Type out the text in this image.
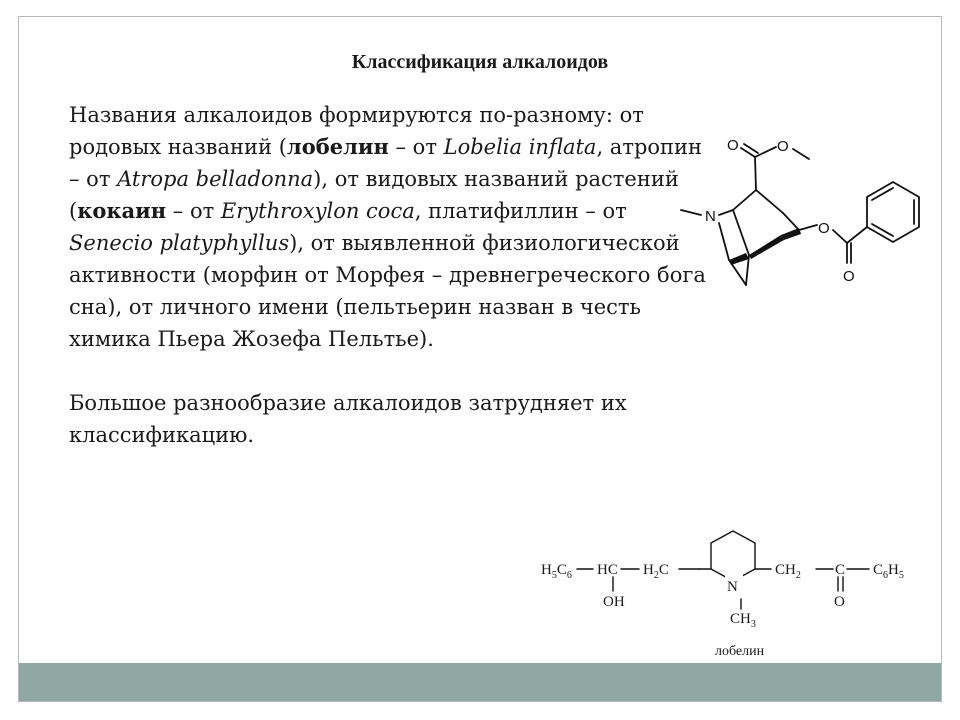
Классификация алкалоидов

Названия алкалоидов формируются по-разному: от родовых названий (лобелин – от Lobelia inflata, атропин – от Atropa belladonna), от видовых названий растений (кокаин – от Erythroxylon coca, платифиллин – от Senecio platyphyllus), от выявленной физиологической активности (морфин от Морфея – древнегреческого бога сна), от личного имени (пельтьерин назван в честь химика Пьера Жозефа Пельтье).

Большое разнообразие алкалоидов затрудняет их классификацию.

N
O	O
O
O
$H_5C_6$ HC $H_2C$
N
$CH_2$ C $C_6H_5$
OH
$CH_3$
O
лобелин
